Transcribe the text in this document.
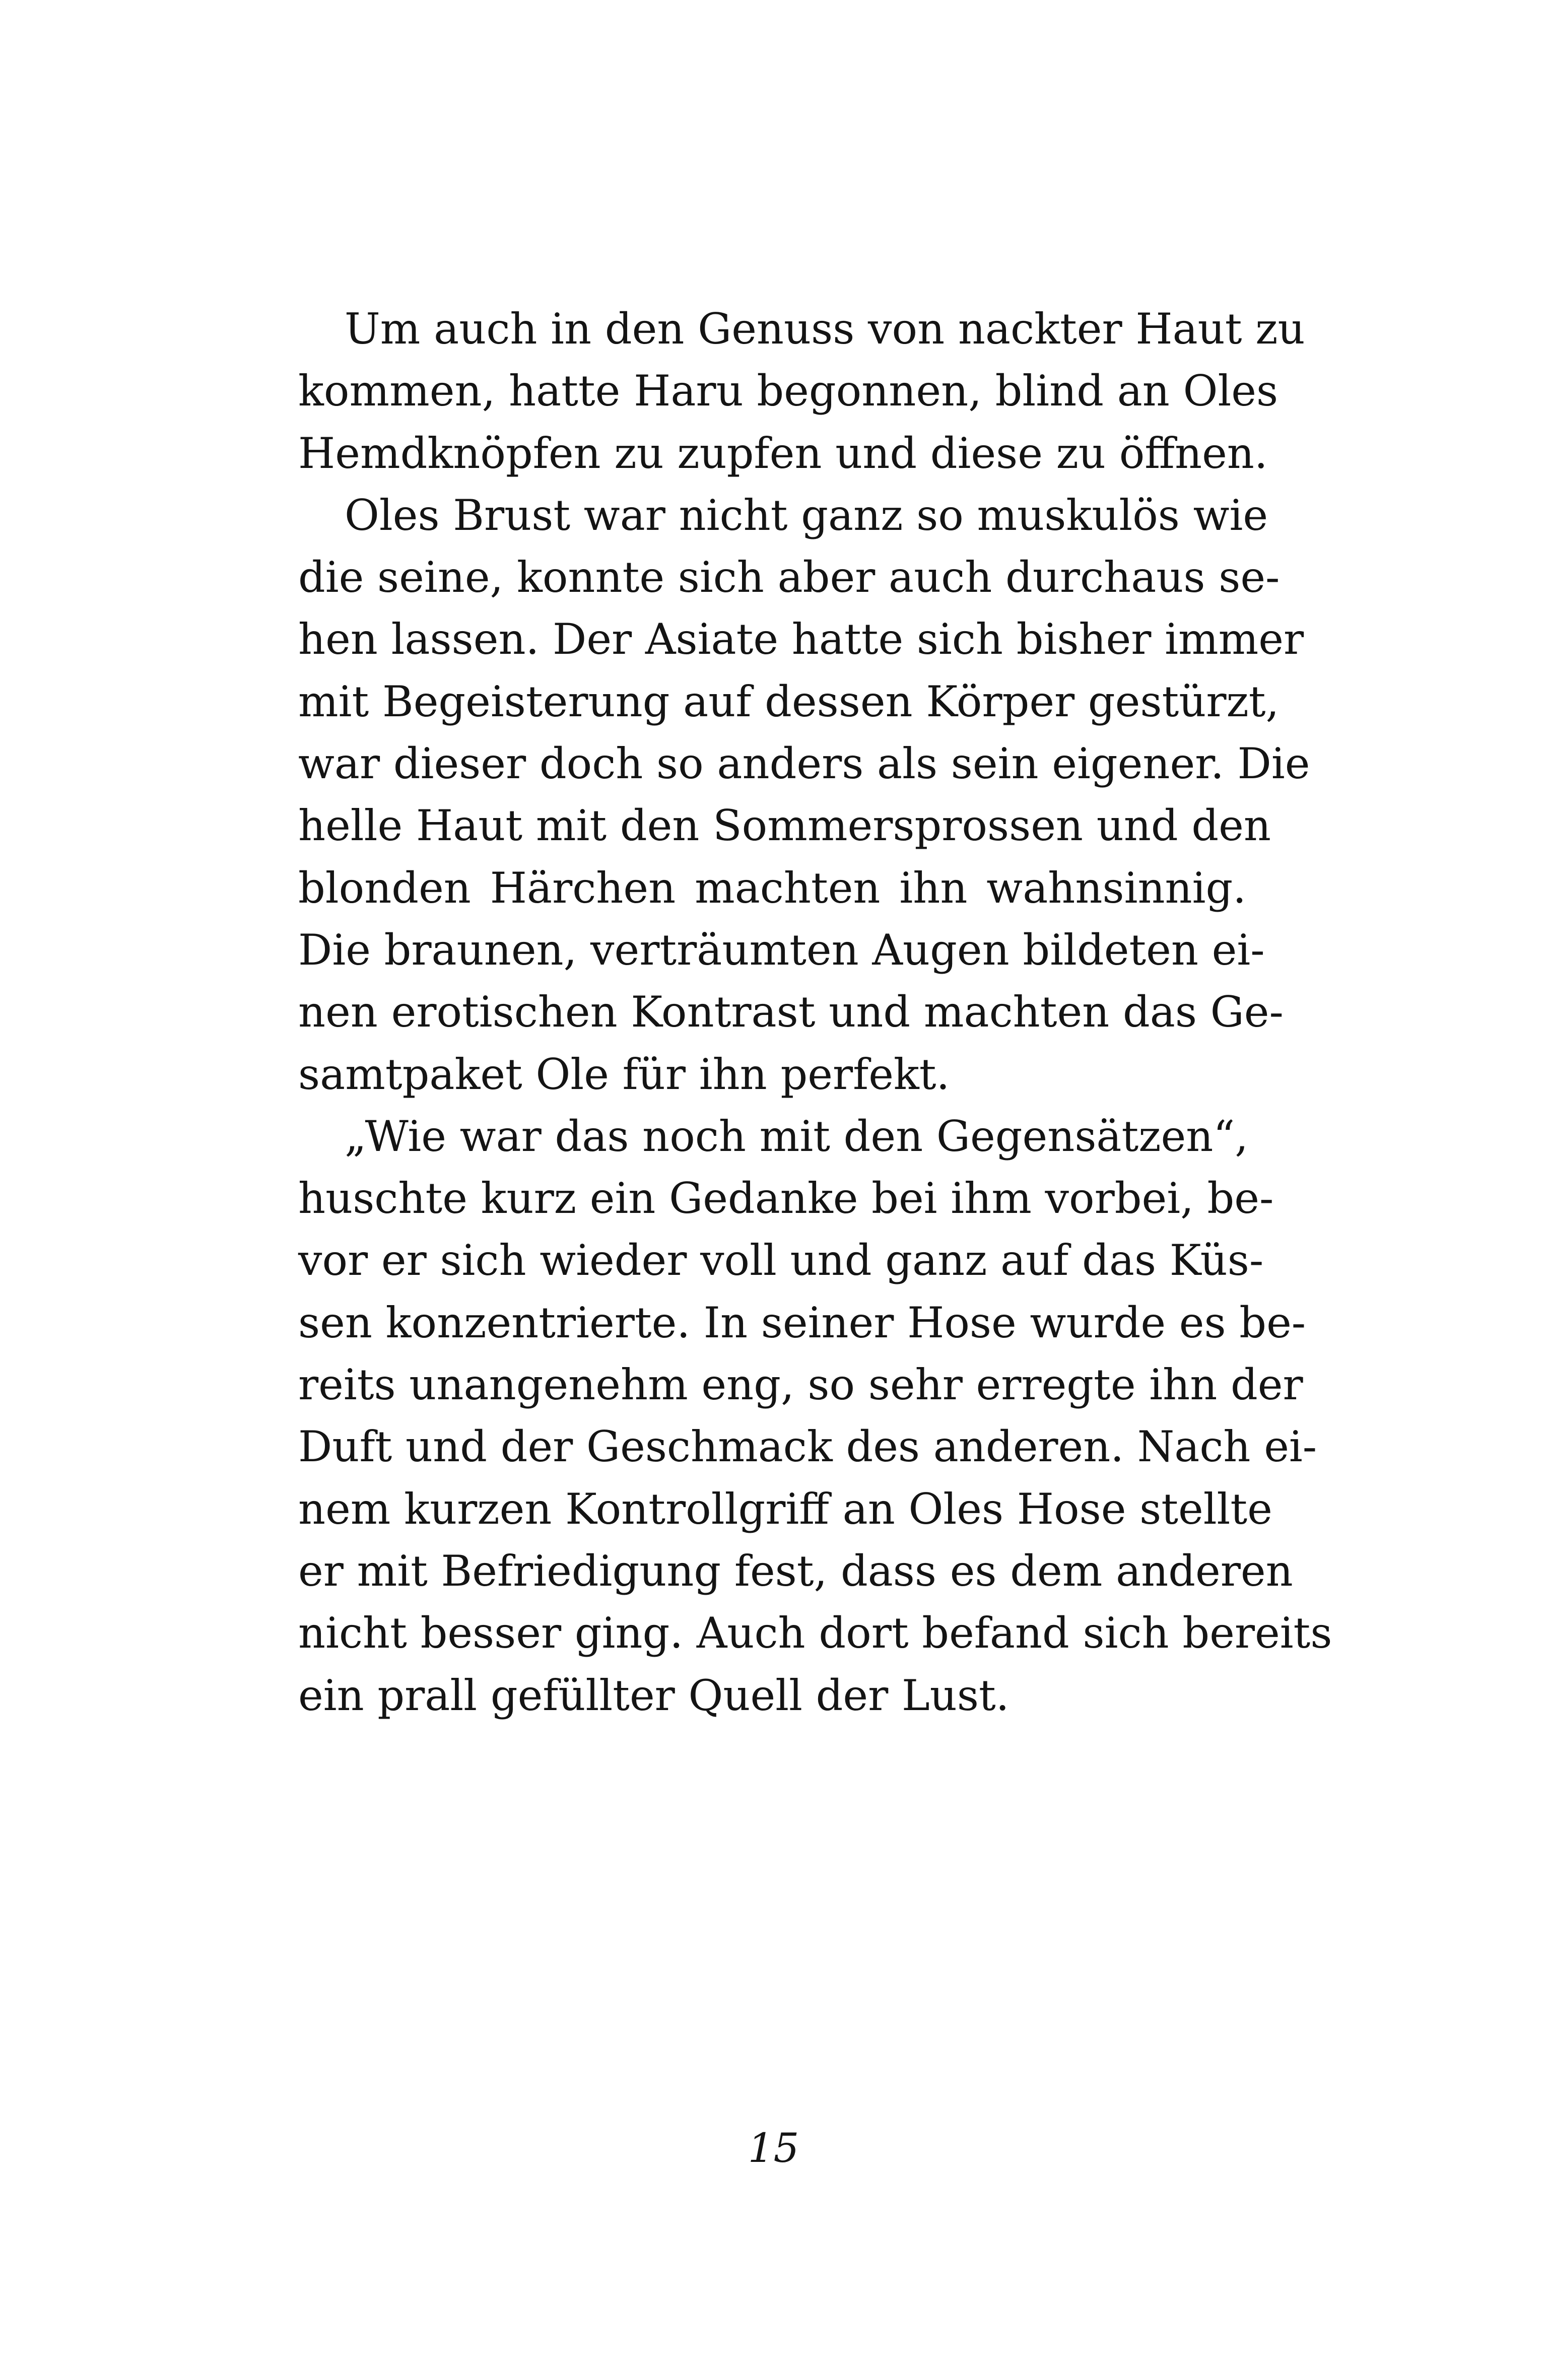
Um auch in den Genuss von nackter Haut zu
kommen, hatte Haru begonnen, blind an Oles
Hemdknöpfen zu zupfen und diese zu öffnen.
Oles Brust war nicht ganz so muskulös wie
die seine, konnte sich aber auch durchaus se-
hen lassen. Der Asiate hatte sich bisher immer
mit Begeisterung auf dessen Körper gestürzt,
war dieser doch so anders als sein eigener. Die
helle Haut mit den Sommersprossen und den
blonden Härchen machten ihn wahnsinnig.
Die braunen, verträumten Augen bildeten ei-
nen erotischen Kontrast und machten das Ge-
samtpaket Ole für ihn perfekt.
„Wie war das noch mit den Gegensätzen“,
huschte kurz ein Gedanke bei ihm vorbei, be-
vor er sich wieder voll und ganz auf das Küs-
sen konzentrierte. In seiner Hose wurde es be-
reits unangenehm eng, so sehr erregte ihn der
Duft und der Geschmack des anderen. Nach ei-
nem kurzen Kontrollgriff an Oles Hose stellte
er mit Befriedigung fest, dass es dem anderen
nicht besser ging. Auch dort befand sich bereits
ein prall gefüllter Quell der Lust.
15
